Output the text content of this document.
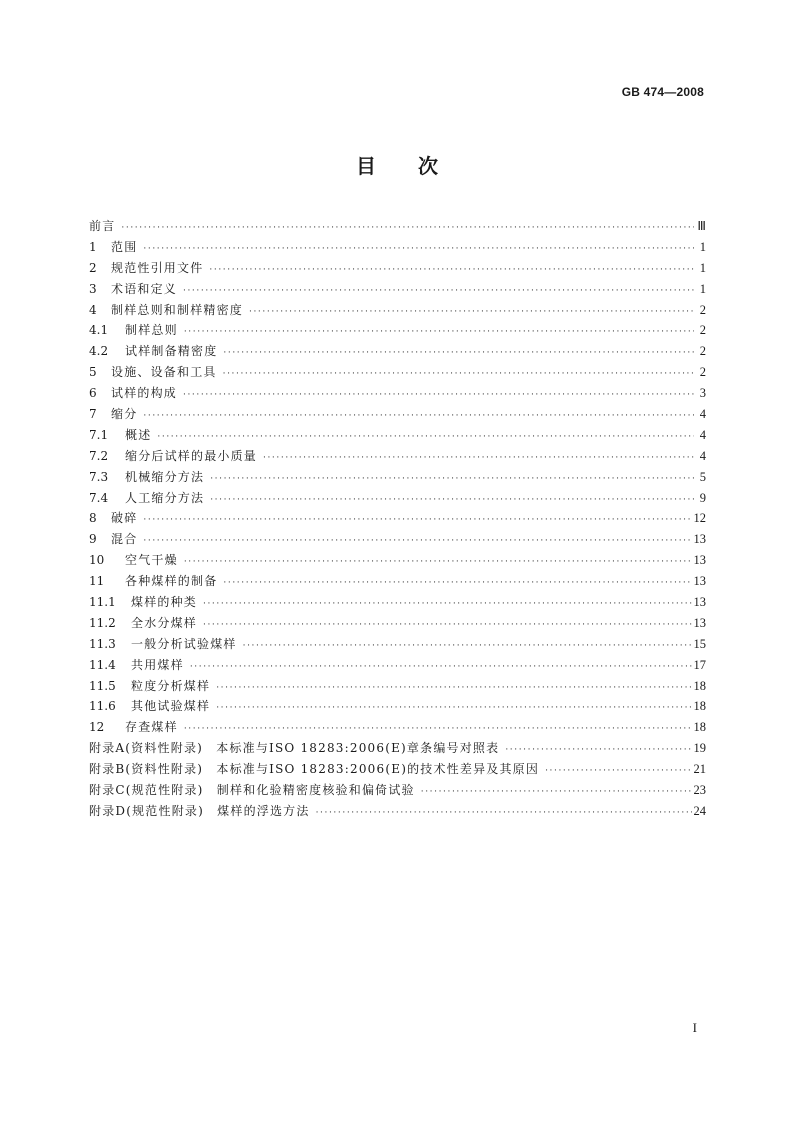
GB 474—2008
目 次
前言 ·····	Ⅲ
1	范围 ·····	1
2	规范性引用文件 ·····	1
3	术语和定义 ·····	1
4	制样总则和制样精密度 ·····	2
4.1	制样总则 ·····	2
4.2	试样制备精密度 ·····	2
5	设施、设备和工具 ·····	2
6	试样的构成 ·····	3
7	缩分 ·····	4
7.1	概述 ·····	4
7.2	缩分后试样的最小质量 ·····	4
7.3	机械缩分方法 ·····	5
7.4	人工缩分方法 ·····	9
8	破碎 ·····	12
9	混合 ·····	13
10	空气干燥 ·····	13
11	各种煤样的制备 ·····	13
11.1	煤样的种类 ·····	13
11.2	全水分煤样 ·····	13
11.3	一般分析试验煤样 ·····	15
11.4	共用煤样 ·····	17
11.5	粒度分析煤样 ·····	18
11.6	其他试验煤样 ·····	18
12	存查煤样 ·····	18
附录A(资料性附录)　本标准与ISO 18283:2006(E)章条编号对照表 ·····	19
附录B(资料性附录)　本标准与ISO 18283:2006(E)的技术性差异及其原因 ·····	21
附录C(规范性附录)　制样和化验精密度核验和偏倚试验 ·····	23
附录D(规范性附录)　煤样的浮选方法 ·····	24
I
